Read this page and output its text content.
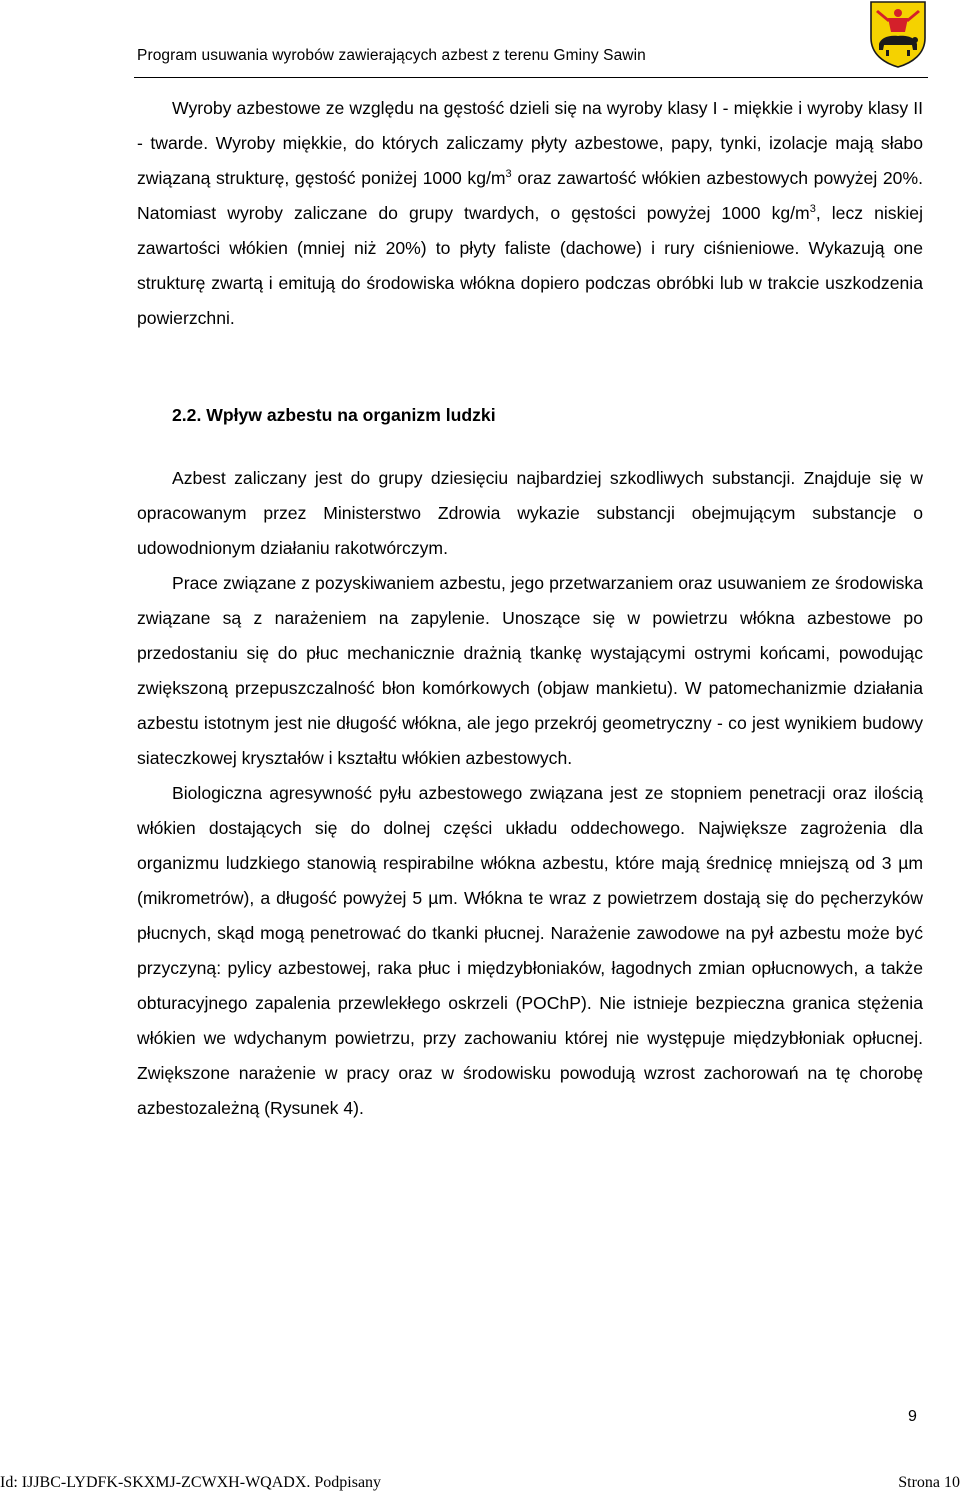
Program usuwania wyrobów zawierających azbest z terenu Gminy Sawin

Wyroby azbestowe ze względu na gęstość dzieli się na wyroby klasy I - miękkie i wyroby klasy II - twarde. Wyroby miękkie, do których zaliczamy płyty azbestowe, papy, tynki, izolacje mają słabo związaną strukturę, gęstość poniżej 1000 $kg/m^3$ oraz zawartość włókien azbestowych powyżej 20%. Natomiast wyroby zaliczane do grupy twardych, o gęstości powyżej 1000 $kg/m^3$, lecz niskiej zawartości włókien (mniej niż 20%) to płyty faliste (dachowe) i rury ciśnieniowe. Wykazują one strukturę zwartą i emitują do środowiska włókna dopiero podczas obróbki lub w trakcie uszkodzenia powierzchni.

2.2. Wpływ azbestu na organizm ludzki

Azbest zaliczany jest do grupy dziesięciu najbardziej szkodliwych substancji. Znajduje się w opracowanym przez Ministerstwo Zdrowia wykazie substancji obejmującym substancje o udowodnionym działaniu rakotwórczym.

Prace związane z pozyskiwaniem azbestu, jego przetwarzaniem oraz usuwaniem ze środowiska związane są z narażeniem na zapylenie. Unoszące się w powietrzu włókna azbestowe po przedostaniu się do płuc mechanicznie drażnią tkankę wystającymi ostrymi końcami, powodując zwiększoną przepuszczalność błon komórkowych (objaw mankietu). W patomechanizmie działania azbestu istotnym jest nie długość włókna, ale jego przekrój geometryczny - co jest wynikiem budowy siateczkowej kryształów i kształtu włókien azbestowych.

Biologiczna agresywność pyłu azbestowego związana jest ze stopniem penetracji oraz ilością włókien dostających się do dolnej części układu oddechowego. Największe zagrożenia dla organizmu ludzkiego stanowią respirabilne włókna azbestu, które mają średnicę mniejszą od 3 µm (mikrometrów), a długość powyżej 5 µm. Włókna te wraz z powietrzem dostają się do pęcherzyków płucnych, skąd mogą penetrować do tkanki płucnej. Narażenie zawodowe na pył azbestu może być przyczyną: pylicy azbestowej, raka płuc i międzybłoniaków, łagodnych zmian opłucnowych, a także obturacyjnego zapalenia przewlekłego oskrzeli (POChP). Nie istnieje bezpieczna granica stężenia włókien we wdychanym powietrzu, przy zachowaniu której nie występuje międzybłoniak opłucnej. Zwiększone narażenie w pracy oraz w środowisku powodują wzrost zachorowań na tę chorobę azbestozależną (Rysunek 4).

9
Id: IJJBC-LYDFK-SKXMJ-ZCWXH-WQADX. Podpisany	Strona 10
